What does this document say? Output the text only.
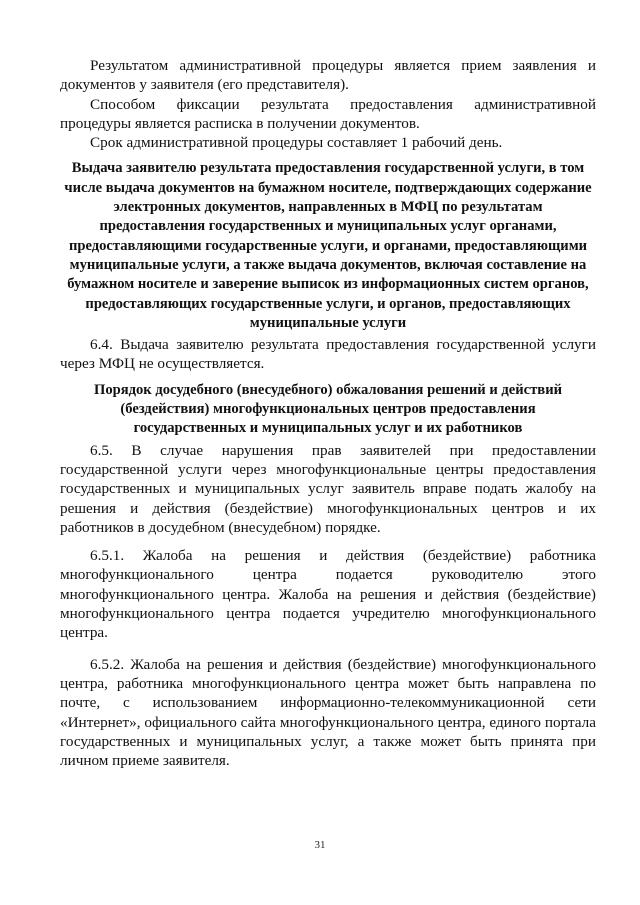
Результатом административной процедуры является прием заявления и документов у заявителя (его представителя).

Способом фиксации результата предоставления административной процедуры является расписка в получении документов.

Срок административной процедуры составляет 1 рабочий день.

Выдача заявителю результата предоставления государственной услуги, в том числе выдача документов на бумажном носителе, подтверждающих содержание электронных документов, направленных в МФЦ по результатам предоставления государственных и муниципальных услуг органами, предоставляющими государственные услуги, и органами, предоставляющими муниципальные услуги, а также выдача документов, включая составление на бумажном носителе и заверение выписок из информационных систем органов, предоставляющих государственные услуги, и органов, предоставляющих муниципальные услуги

6.4. Выдача заявителю результата предоставления государственной услуги через МФЦ не осуществляется.

Порядок досудебного (внесудебного) обжалования решений и действий (бездействия) многофункциональных центров предоставления государственных и муниципальных услуг и их работников

6.5. В случае нарушения прав заявителей при предоставлении государственной услуги через многофункциональные центры предоставления государственных и муниципальных услуг заявитель вправе подать жалобу на решения и действия (бездействие) многофункциональных центров и их работников в досудебном (внесудебном) порядке.

6.5.1. Жалоба на решения и действия (бездействие) работника многофункционального центра подается руководителю этого многофункционального центра. Жалоба на решения и действия (бездействие) многофункционального центра подается учредителю многофункционального центра.

6.5.2. Жалоба на решения и действия (бездействие) многофункционального центра, работника многофункционального центра может быть направлена по почте, с использованием информационно-телекоммуникационной сети «Интернет», официального сайта многофункционального центра, единого портала государственных и муниципальных услуг, а также может быть принята при личном приеме заявителя.

31
